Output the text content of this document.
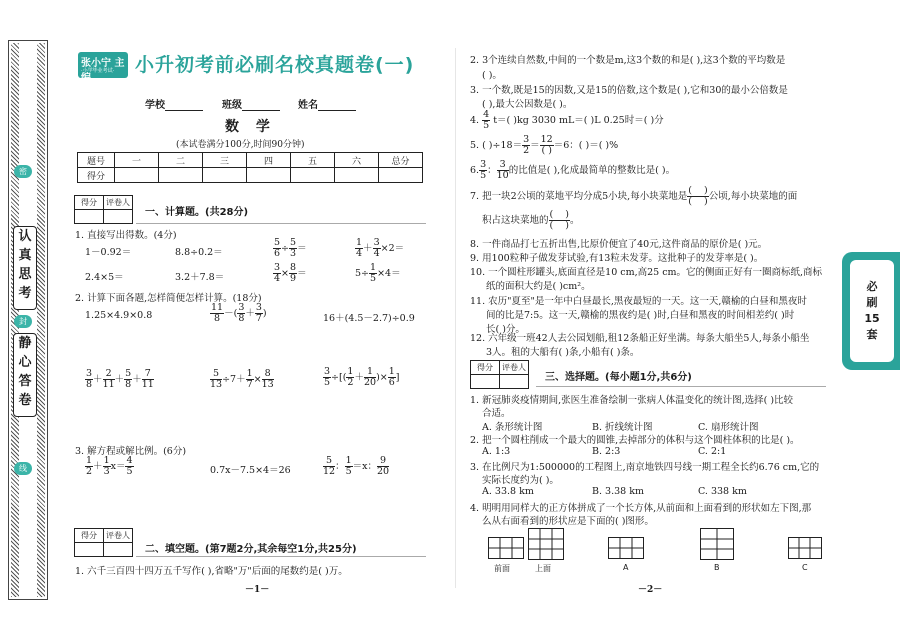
密
认
真
思
考
封
静
心
答
卷
线
张小宁 主编
·小学毕业考试· 小升初考前必刷名校真题卷(一)
学校	班级	姓名
数 学
(本试卷满分100分,时间90分钟)
题号	一	二	三	四	五	六	总分
得分							
得分	评卷人

一、计算题。(共28分)
1. 直接写出得数。(4分)
1－0.92＝	8.8÷0.2＝	$\frac{5}{6} \div \frac{5}{3}$ ＝	$\frac{1}{4} + \frac{3}{4} \times 2=$
2.4×5＝	3.2＋7.8＝	$\frac{3}{4} \times \frac{8}{9}$ ＝	$5\div \frac{1}{5} \times 4=$
2. 计算下面各题,怎样简便怎样计算。(18分)
1.25×4.9×0.8	$\frac{11}{8}$ －( $\frac{3}{8} + \frac{3}{7}$ )	16＋(4.5－2.7)÷0.9
$\frac{3}{8} + \frac{2}{11} + \frac{5}{8} + \frac{7}{11}$	$\frac{5}{13} \div 7+ \frac{1}{7} \times \frac{8}{13}$	$\frac{3}{5}$ ÷[( $\frac{1}{2} + \frac{1}{20}$ )× $\frac{1}{6}$ ]
3. 解方程或解比例。(6分)
$\frac{1}{2} + \frac{1}{3} x= \frac{4}{5}$	0.7x－7.5×4＝26	$\frac{5}{12}$ ： $\frac{1}{5} =x$： $\frac{9}{20}$
得分	评卷人

二、填空题。(第7题2分,其余每空1分,共25分)
1. 六千三百四十四万五千写作( ),省略"万"后面的尾数约是( )万。
－1－
2. 3个连续自然数,中间的一个数是m,这3个数的和是( ),这3个数的平均数是
( )。
3. 一个数,既是15的因数,又是15的倍数,这个数是( ),它和30的最小公倍数是
( ),最大公因数是( )。
4. $\frac{4}{5} t=$( )kg 3030 mL＝( )L 0.25时＝( )分
5. ( )$\div 18= \frac{3}{2} = \frac{12}{( )} =6$：( )＝( )%
6. $\frac{3}{5}$ ： $\frac{3}{10}$ 的比值是( ),化成最简单的整数比是( )。
7. 把一块2公顷的菜地平均分成5小块,每小块菜地是 $\frac{( )}{( )}$ 公顷,每小块菜地的面
积占这块菜地的 $\frac{( )}{( )}$ 。
8. 一件商品打七五折出售,比原价便宜了40元,这件商品的原价是( )元。
9. 用100粒种子做发芽试验,有13粒未发芽。这批种子的发芽率是( )。
10. 一个圆柱形罐头,底面直径是10 cm,高25 cm。它的侧面正好有一圈商标纸,商标
纸的面积大约是( )cm²。
11. 农历"夏至"是一年中白昼最长,黑夜最短的一天。这一天,赣榆的白昼和黑夜时
间的比是7:5。这一天,赣榆的黑夜约是( )时,白昼和黑夜的时间相差约( )时
长( )分。
12. 六年级一班42人去公园划船,租12条船正好坐满。每条大船坐5人,每条小船坐
3人。租的大船有( )条,小船有( )条。
得分	评卷人

三、选择题。(每小题1分,共6分)
1. 新冠肺炎疫情期间,张医生准备绘制一张病人体温变化的统计图,选择( )比较
合适。
A. 条形统计图	B. 折线统计图	C. 扇形统计图
2. 把一个圆柱削成一个最大的圆锥,去掉部分的体积与这个圆柱体积的比是( )。
A. 1:3	B. 2:3	C. 2:1
3. 在比例尺为1:500000的工程图上,南京地铁四号线一期工程全长约6.76 cm,它的
实际长度约为( )。
A. 33.8 km	B. 3.38 km	C. 338 km
4. 明明用同样大的正方体拼成了一个长方体,从前面和上面看到的形状如左下图,那
么从右面看到的形状应是下面的( )图形。
前面	上面	A	B	C
－2－
必
刷
15
套
